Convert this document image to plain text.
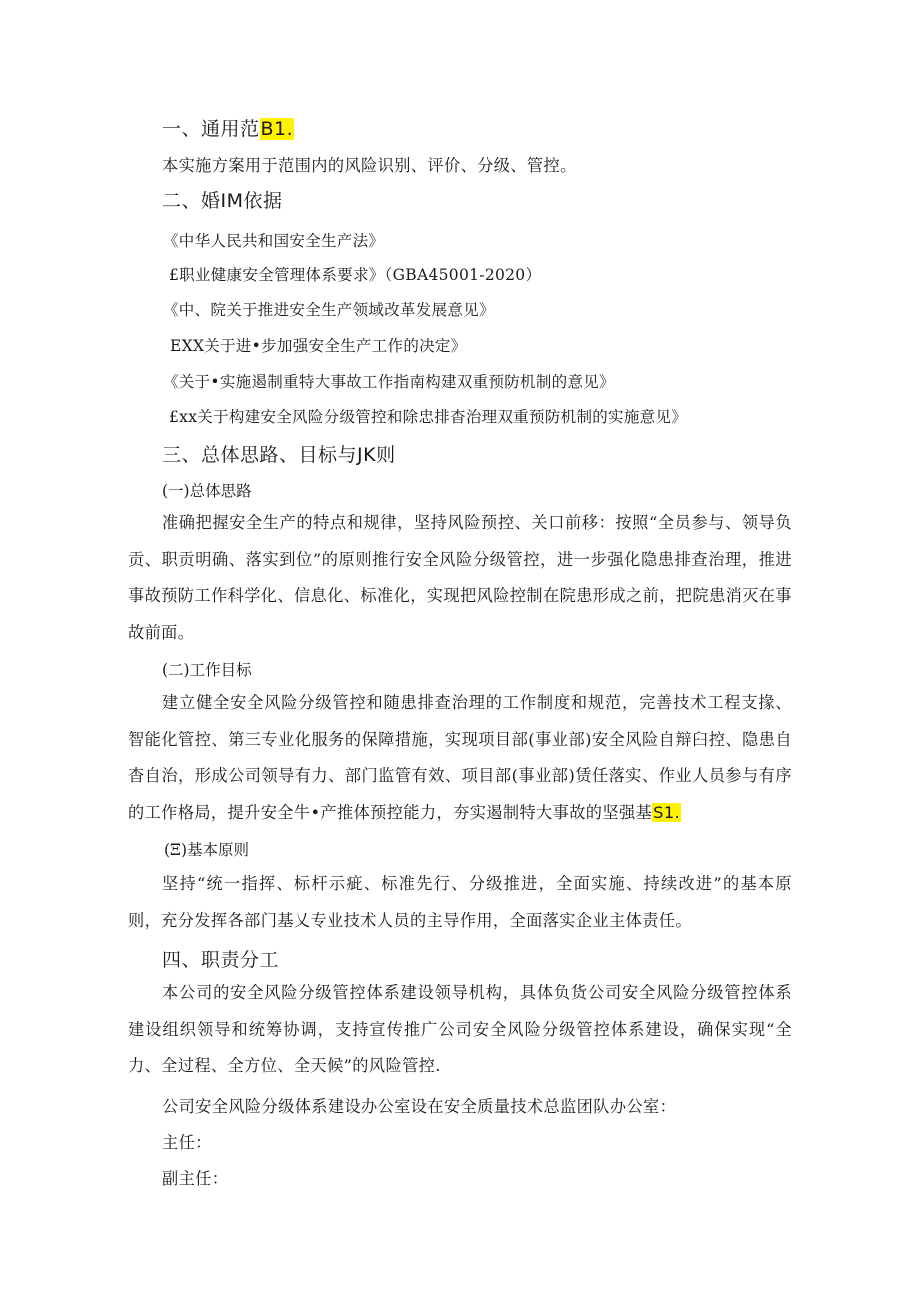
一、通用范B1.
本实施方案用于范围内的风险识别、评价、分级、管控。
二、婚IM依据
《中华人民共和国安全生产法》
£职业健康安全管理体系要求》（GBA45001-2020）
《中、院关于推进安全生产领域改革发展意见》
EXX关于进•步加强安全生产工作的决定》
《关于•实施遏制重特大事故工作指南构建双重预防机制的意见》
£xx关于构建安全风险分级管控和除忠排杳治理双重预防机制的实施意见》
三、总体思路、目标与JK则
(一)总体思路
准确把握安全生产的特点和规律，坚持风险预控、关口前移：按照“全员参与、领导负贡、职贡明确、落实到位”的原则推行安全风险分级管控，进一步强化隐患排查治理，推进事故预防工作科学化、信息化、标准化，实现把风险控制在院患形成之前，把院患消灭在事故前面。
(二)工作目标
建立健全安全风险分级管控和随患排查治理的工作制度和规范，完善技术工程支掾、智能化管控、第三专业化服务的保障措施，实现项目部(事业部)安全风险自辩臼控、隐患自杳自治，形成公司领导有力、部门监管有效、项目部(事业部)赁任落实、作业人员参与有序的工作格局，提升安全牛•产推体预控能力，夯实遏制特大事故的坚强基S1.
(Ξ)基本原则
坚持“统一指挥、标杆示疵、标准先行、分级推进，全面实施、持续改进”的基本原则，充分发挥各部门基乂专业技术人员的主导作用，全面落实企业主体责任。
四、职责分工
本公司的安全风险分级管控体系建设领导机构，具体负货公司安全风险分级管控体系建设组织领导和统筹协调，支持宣传推广公司安全风险分级管控体系建设，确保实现“全力、全过程、全方位、全天候”的风险管控.
公司安全风险分级体系建设办公室设在安全质量技术总监团队办公室：
主任：
副主任：
